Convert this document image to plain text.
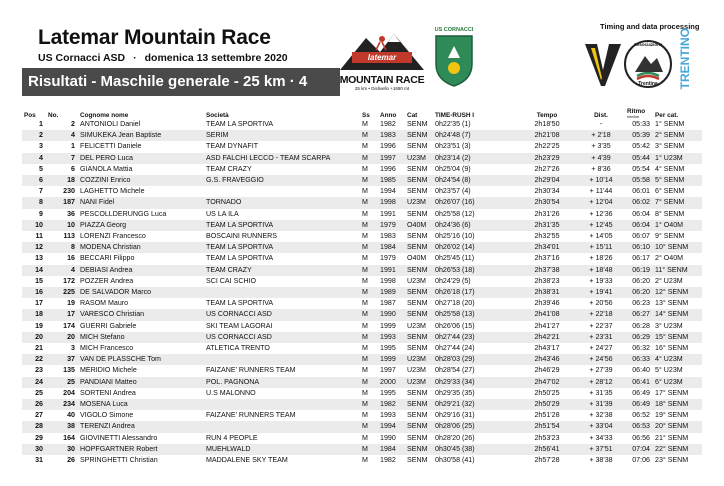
Latemar Mountain Race
US Cornacci ASD · domenica 13 settembre 2020
Risultati - Maschile generale - 25 km · 4
latemar
MOUNTAIN RACE
25 km • Dislivello +1680 mt
US CORNACCI	Timing and data processing
Associazione
Trentina	TRENTINO
Pos	No.	Cognome nome	Società	Ss	Anno	Cat	TIME-RUSH I	Tempo	Dist.	Ritmo
min/km	Per cat.
1	2	ANTONIOLI Daniel	TEAM LA SPORTIVA	M	1982	SENM	0h22'35 (1)	2h18'50	-	05:33	1° SENM
2	4	SIMUKEKA Jean Baptiste	SERIM	M	1983	SENM	0h24'48 (7)	2h21'08	+ 2'18	05:39	2° SENM
3	1	FELICETTI Daniele	TEAM DYNAFIT	M	1996	SENM	0h23'51 (3)	2h22'25	+ 3'35	05:42	3° SENM
4	7	DEL PERO Luca	ASD FALCHI LECCO - TEAM SCARPA	M	1997	U23M	0h23'14 (2)	2h23'29	+ 4'39	05:44	1° U23M
5	6	GIANOLA Mattia	TEAM CRAZY	M	1996	SENM	0h25'04 (9)	2h27'26	+ 8'36	05:54	4° SENM
6	18	COZZINI Enrico	G.S. FRAVEGGIO	M	1985	SENM	0h24'54 (8)	2h29'04	+ 10'14	05:58	5° SENM
7	230	LAGHETTO Michele		M	1994	SENM	0h23'57 (4)	2h30'34	+ 11'44	06:01	6° SENM
8	187	NANI Fidel	TORNADO	M	1998	U23M	0h26'07 (16)	2h30'54	+ 12'04	06:02	7° SENM
9	36	PESCOLLDERUNGG Luca	US LA ILA	M	1991	SENM	0h25'58 (12)	2h31'26	+ 12'36	06:04	8° SENM
10	10	PIAZZA Georg	TEAM LA SPORTIVA	M	1979	O40M	0h24'36 (6)	2h31'35	+ 12'45	06:04	1° O40M
11	113	LORENZI Francesco	BOSCAINI RUNNERS	M	1983	SENM	0h25'16 (10)	2h32'55	+ 14'05	06:07	9° SENM
12	8	MODENA Christian	TEAM LA SPORTIVA	M	1984	SENM	0h26'02 (14)	2h34'01	+ 15'11	06:10	10° SENM
13	16	BECCARI Filippo	TEAM LA SPORTIVA	M	1979	O40M	0h25'45 (11)	2h37'16	+ 18'26	06:17	2° O40M
14	4	DEBIASI Andrea	TEAM CRAZY	M	1991	SENM	0h26'53 (18)	2h37'38	+ 18'48	06:19	11° SENM
15	172	POZZER Andrea	SCI CAI SCHIO	M	1998	U23M	0h24'29 (5)	2h38'23	+ 19'33	06:20	2° U23M
16	225	DE SALVADOR Marco		M	1989	SENM	0h26'18 (17)	2h38'31	+ 19'41	06:20	12° SENM
17	19	RASOM Mauro	TEAM LA SPORTIVA	M	1987	SENM	0h27'18 (20)	2h39'46	+ 20'56	06:23	13° SENM
18	17	VARESCO Christian	US CORNACCI ASD	M	1990	SENM	0h25'58 (13)	2h41'08	+ 22'18	06:27	14° SENM
19	174	GUERRI Gabriele	SKI TEAM LAGORAI	M	1999	U23M	0h26'06 (15)	2h41'27	+ 22'37	06:28	3° U23M
20	20	MICH Stefano	US CORNACCI ASD	M	1993	SENM	0h27'44 (23)	2h42'21	+ 23'31	06:29	15° SENM
21	3	MICH Francesco	ATLETICA TRENTO	M	1995	SENM	0h27'44 (24)	2h43'17	+ 24'27	06:32	16° SENM
22	37	VAN DE PLASSCHE Tom		M	1999	U23M	0h28'03 (29)	2h43'46	+ 24'56	06:33	4° U23M
23	135	MERIDIO Michele	FAIZANE' RUNNERS TEAM	M	1997	U23M	0h28'54 (27)	2h46'29	+ 27'39	06:40	5° U23M
24	25	PANDIANI Matteo	POL. PAGNONA	M	2000	U23M	0h29'33 (34)	2h47'02	+ 28'12	06:41	6° U23M
25	204	SORTENI Andrea	U.S MALONNO	M	1995	SENM	0h29'35 (35)	2h50'25	+ 31'35	06:49	17° SENM
26	234	MOSENA Luca		M	1982	SENM	0h29'21 (32)	2h50'29	+ 31'39	06:49	18° SENM
27	40	VIGOLO Simone	FAIZANE' RUNNERS TEAM	M	1993	SENM	0h29'16 (31)	2h51'28	+ 32'38	06:52	19° SENM
28	38	TERENZI Andrea		M	1994	SENM	0h28'06 (25)	2h51'54	+ 33'04	06:53	20° SENM
29	164	GIOVINETTI Alessandro	RUN 4 PEOPLE	M	1990	SENM	0h28'20 (26)	2h53'23	+ 34'33	06:56	21° SENM
30	30	HOPFGARTNER Robert	MUEHLWALD	M	1984	SENM	0h30'45 (38)	2h56'41	+ 37'51	07:04	22° SENM
31	26	SPRINGHETTI Christian	MADDALENE SKY TEAM	M	1982	SENM	0h30'58 (41)	2h57'28	+ 38'38	07:06	23° SENM
